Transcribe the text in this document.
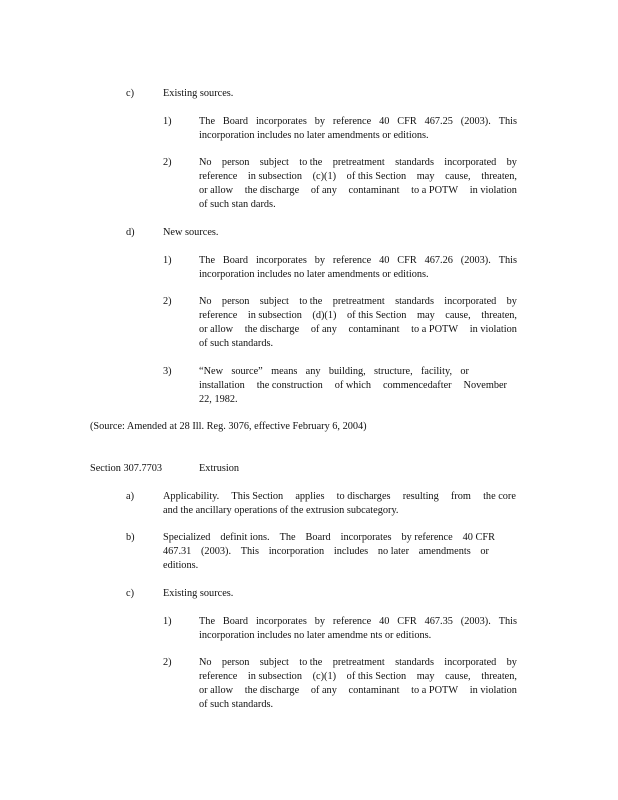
c)	Existing sources.
1)	The Board incorporates by reference 40 CFR 467.25 (2003). This
incorporation includes no later amendments or editions.
2)	No person subject to the pretreatment standards incorporated by
reference in subsection (c)(1) of this Section may cause, threaten,
or allow the discharge of any contaminant to a POTW in violation
of such stan dards.
d)	New sources.
1)	The Board incorporates by reference 40 CFR 467.26 (2003). This
incorporation includes no later amendments or editions.
2)	No person subject to the pretreatment standards incorporated by
reference in subsection (d)(1) of this Section may cause, threaten,
or allow the discharge of any contaminant to a POTW in violation
of such standards.
3)	“New source” means any building, structure, facility, or
installation the construction of which commencedafter November
22, 1982.
(Source: Amended at 28 Ill. Reg. 3076, effective February 6, 2004)
Section 307.7703	Extrusion
a)	Applicability. This Section applies to discharges resulting from the core
and the ancillary operations of the extrusion subcategory.
b)	Specialized definit ions. The Board incorporates by reference 40 CFR
467.31 (2003). This incorporation includes no later amendments or
editions.
c)	Existing sources.
1)	The Board incorporates by reference 40 CFR 467.35 (2003). This
incorporation includes no later amendme nts or editions.
2)	No person subject to the pretreatment standards incorporated by
reference in subsection (c)(1) of this Section may cause, threaten,
or allow the discharge of any contaminant to a POTW in violation
of such standards.
